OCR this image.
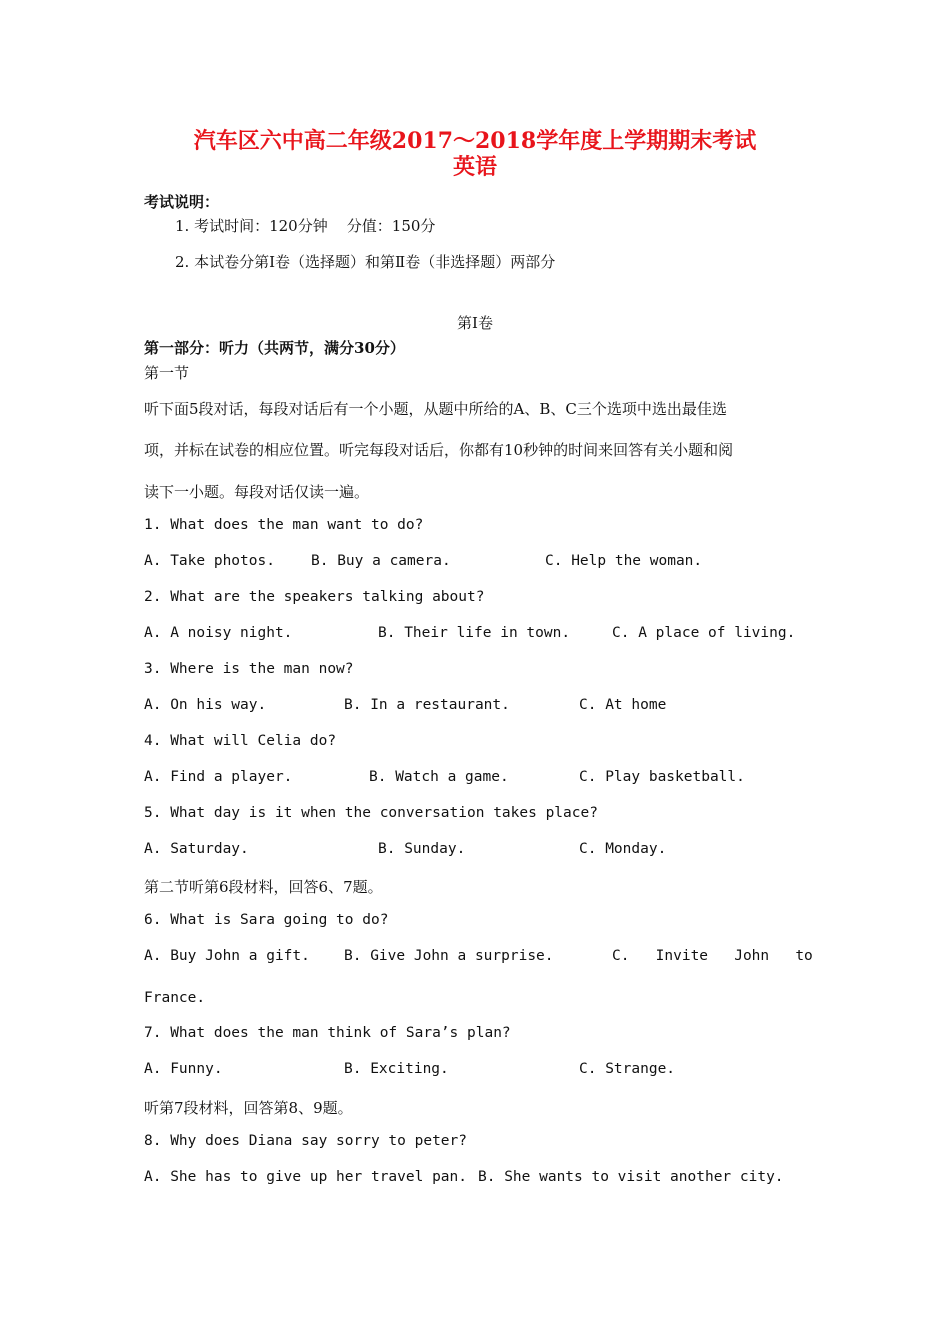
汽车区六中高二年级2017～2018学年度上学期期末考试
英语
考试说明：
1. 考试时间：120分钟    分值：150分
2. 本试卷分第Ⅰ卷（选择题）和第Ⅱ卷（非选择题）两部分
第Ⅰ卷
第一部分：听力（共两节，满分30分）
第一节
听下面5段对话，每段对话后有一个小题，从题中所给的A、B、C三个选项中选出最佳选
项，并标在试卷的相应位置。听完每段对话后，你都有10秒钟的时间来回答有关小题和阅
读下一小题。每段对话仅读一遍。
1. What does the man want to do?
A. Take photos. B. Buy a camera.	C. Help the woman.
2. What are the speakers talking about?
A. A noisy night.	B. Their life in town.	C. A place of living.
3. Where is the man now?
A. On his way.	B. In a restaurant.	C. At home
4. What will Celia do?
A. Find a player.	B. Watch a game.	C. Play basketball.
5. What day is it when the conversation takes place?
A. Saturday.	B. Sunday.	C. Monday.
第二节听第6段材料，回答6、7题。
6. What is Sara going to do?
A. Buy John a gift. B. Give John a surprise.	C.   Invite   John   to
France.
7. What does the man think of Sara’s plan?
A. Funny.	B. Exciting.	C. Strange.
听第7段材料，回答第8、9题。
8. Why does Diana say sorry to peter?
A. She has to give up her travel pan. B. She wants to visit another city.
